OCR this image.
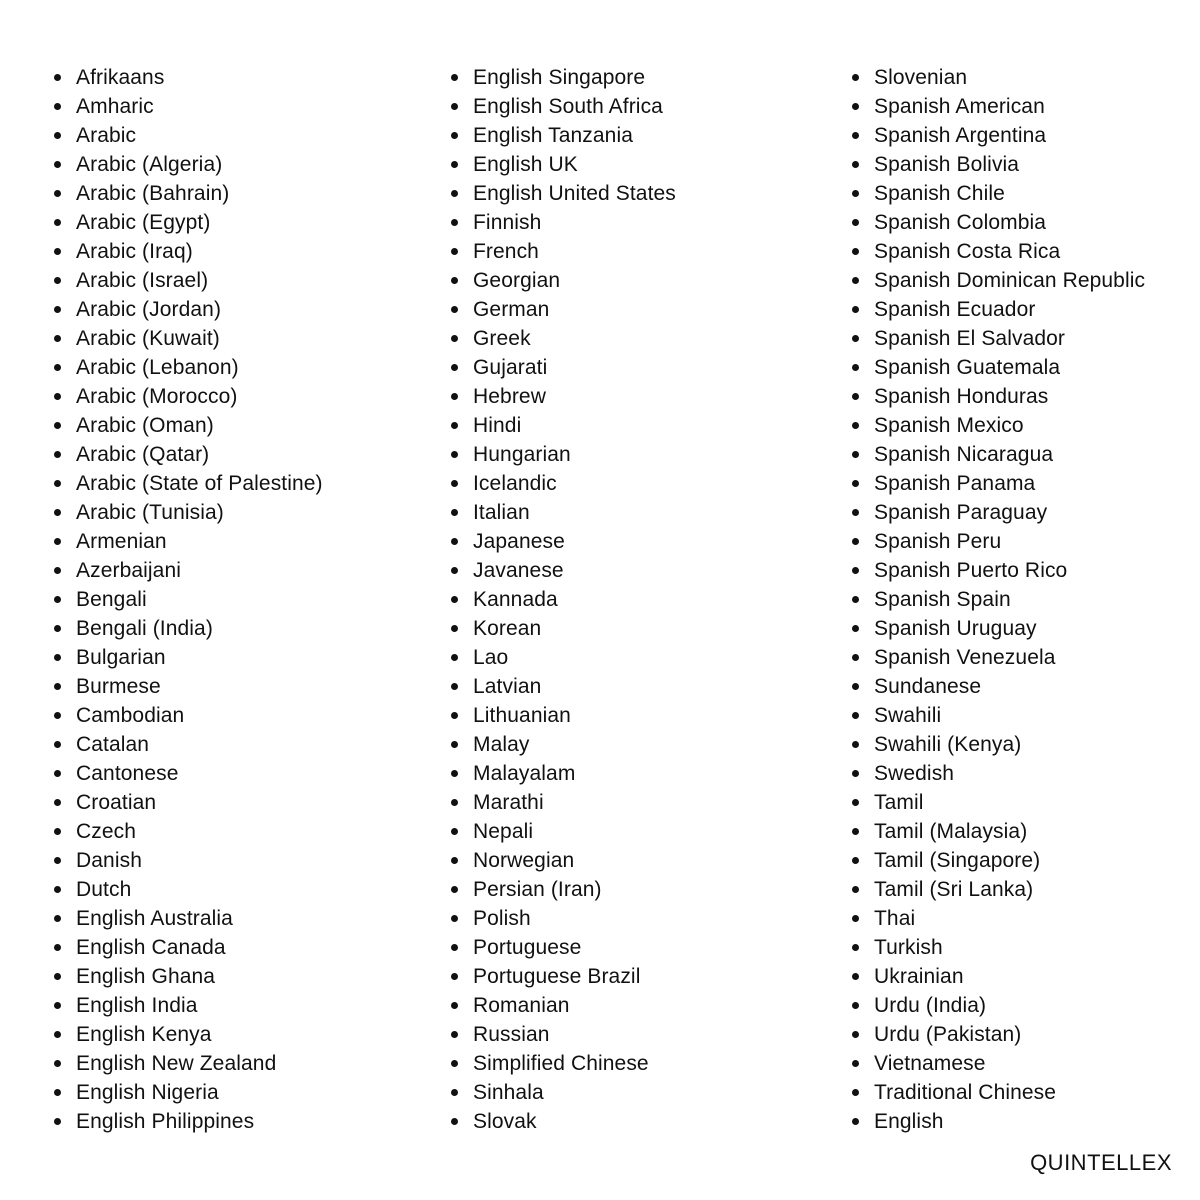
Afrikaans
Amharic
Arabic
Arabic (Algeria)
Arabic (Bahrain)
Arabic (Egypt)
Arabic (Iraq)
Arabic (Israel)
Arabic (Jordan)
Arabic (Kuwait)
Arabic (Lebanon)
Arabic (Morocco)
Arabic (Oman)
Arabic (Qatar)
Arabic (State of Palestine)
Arabic (Tunisia)
Armenian
Azerbaijani
Bengali
Bengali (India)
Bulgarian
Burmese
Cambodian
Catalan
Cantonese
Croatian
Czech
Danish
Dutch
English Australia
English Canada
English Ghana
English India
English Kenya
English New Zealand
English Nigeria
English Philippines
English Singapore
English South Africa
English Tanzania
English UK
English United States
Finnish
French
Georgian
German
Greek
Gujarati
Hebrew
Hindi
Hungarian
Icelandic
Italian
Japanese
Javanese
Kannada
Korean
Lao
Latvian
Lithuanian
Malay
Malayalam
Marathi
Nepali
Norwegian
Persian (Iran)
Polish
Portuguese
Portuguese Brazil
Romanian
Russian
Simplified Chinese
Sinhala
Slovak
Slovenian
Spanish American
Spanish Argentina
Spanish Bolivia
Spanish Chile
Spanish Colombia
Spanish Costa Rica
Spanish Dominican Republic
Spanish Ecuador
Spanish El Salvador
Spanish Guatemala
Spanish Honduras
Spanish Mexico
Spanish Nicaragua
Spanish Panama
Spanish Paraguay
Spanish Peru
Spanish Puerto Rico
Spanish Spain
Spanish Uruguay
Spanish Venezuela
Sundanese
Swahili
Swahili (Kenya)
Swedish
Tamil
Tamil (Malaysia)
Tamil (Singapore)
Tamil (Sri Lanka)
Thai
Turkish
Ukrainian
Urdu (India)
Urdu (Pakistan)
Vietnamese
Traditional Chinese
English
QUINTELLEX
